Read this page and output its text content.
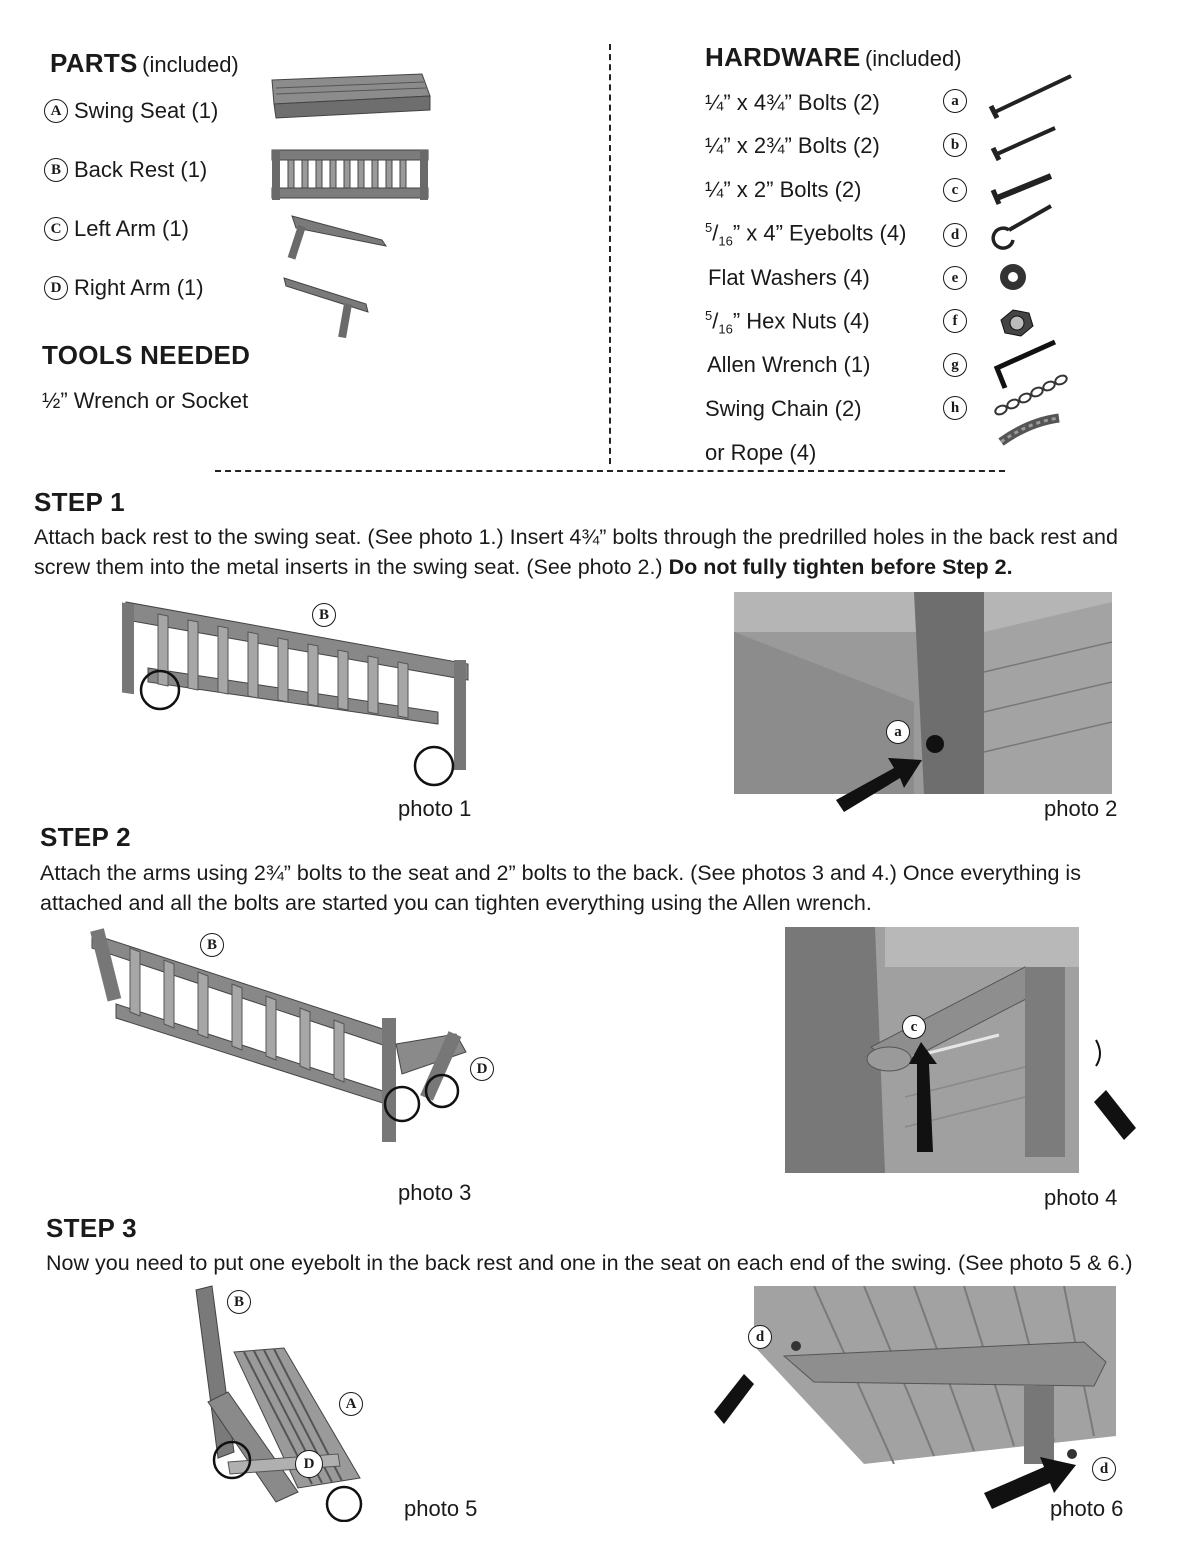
PARTS (included)
A Swing Seat (1)
B Back Rest (1)
C Left Arm (1)
D Right Arm (1)
TOOLS NEEDED
½” Wrench or Socket
HARDWARE (included)
¼” x 4¾” Bolts (2)
¼” x 2¾” Bolts (2)
¼” x 2” Bolts (2)
$^5/_{16}$” x 4” Eyebolts (4)
Flat Washers (4)
$^5/_{16}$” Hex Nuts (4)
Allen Wrench (1)
Swing Chain (2)
or Rope (4)
a
b
c
d
e
f
g
h
STEP 1
Attach back rest to the swing seat. (See photo 1.) Insert 4¾” bolts through the predrilled holes in the back rest and screw them into the metal inserts in the swing seat. (See photo 2.) Do not fully tighten before Step 2.
B
photo 1
a
photo 2
STEP 2
Attach the arms using 2¾” bolts to the seat and 2” bolts to the back. (See photos 3 and 4.) Once everything is attached and all the bolts are started you can tighten everything using the Allen wrench.
B
D
photo 3
c
photo 4
STEP 3
Now you need to put one eyebolt in the back rest and one in the seat on each end of the swing. (See photo 5 & 6.)
B
A
D
photo 5
d
d
photo 6
